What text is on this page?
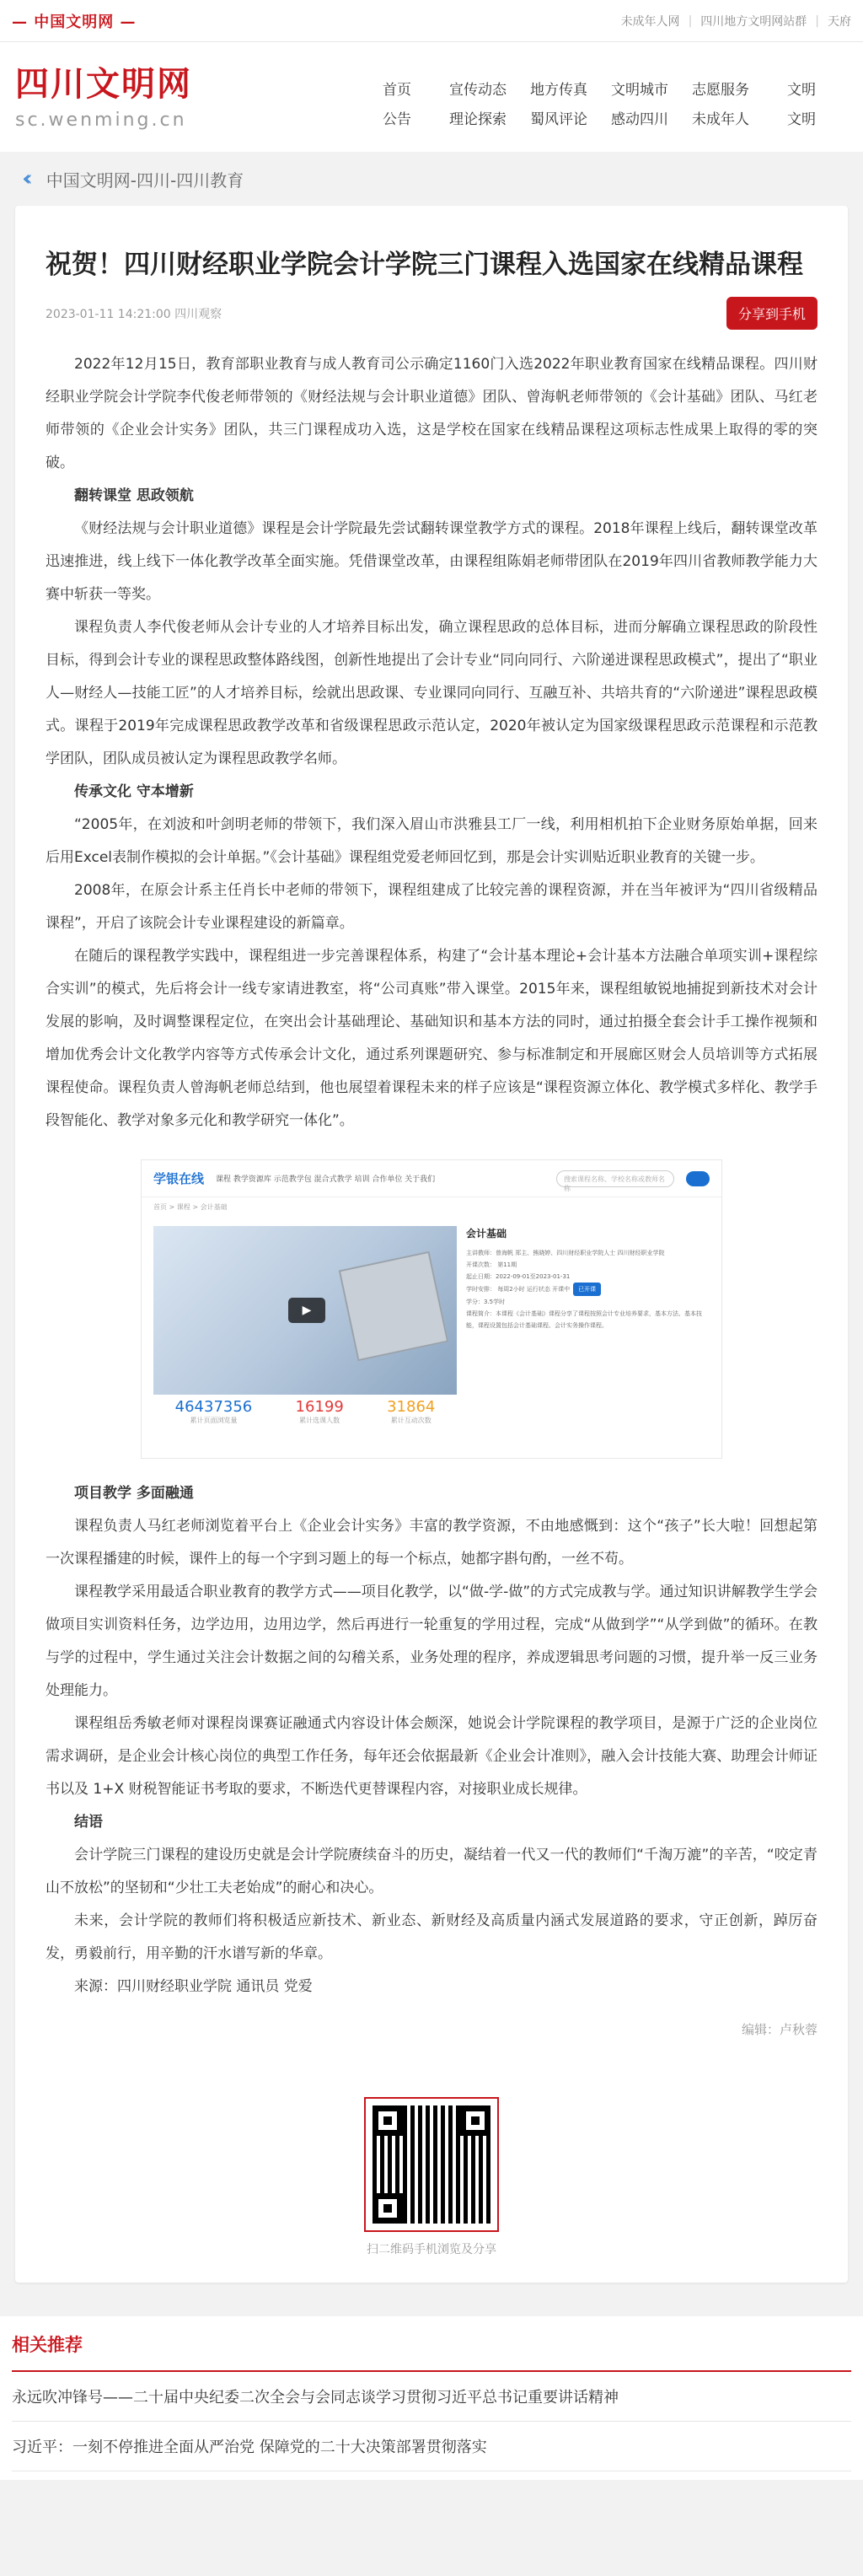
— 中国文明网 —	未成年人网 | 四川地方文明网站群 | 天府
四川文明网
sc.wenming.cn
首页	宣传动态	地方传真	文明城市	志愿服务	文明
公告	理论探索	蜀风评论	感动四川	未成年人	文明
‹‹ 中国文明网-四川-四川教育
祝贺！四川财经职业学院会计学院三门课程入选国家在线精品课程
2023-01-11 14:21:00 四川观察	分享到手机

2022年12月15日，教育部职业教育与成人教育司公示确定1160门入选2022年职业教育国家在线精品课程。四川财经职业学院会计学院李代俊老师带领的《财经法规与会计职业道德》团队、曾海帆老师带领的《会计基础》团队、马红老师带领的《企业会计实务》团队，共三门课程成功入选，这是学校在国家在线精品课程这项标志性成果上取得的零的突破。

翻转课堂 思政领航

《财经法规与会计职业道德》课程是会计学院最先尝试翻转课堂教学方式的课程。2018年课程上线后，翻转课堂改革迅速推进，线上线下一体化教学改革全面实施。凭借课堂改革，由课程组陈娟老师带团队在2019年四川省教师教学能力大赛中斩获一等奖。

课程负责人李代俊老师从会计专业的人才培养目标出发，确立课程思政的总体目标，进而分解确立课程思政的阶段性目标，得到会计专业的课程思政整体路线图，创新性地提出了会计专业“同向同行、六阶递进课程思政模式”，提出了“职业人—财经人—技能工匠”的人才培养目标，绘就出思政课、专业课同向同行、互融互补、共培共育的“六阶递进”课程思政模式。课程于2019年完成课程思政教学改革和省级课程思政示范认定，2020年被认定为国家级课程思政示范课程和示范教学团队，团队成员被认定为课程思政教学名师。

传承文化 守本增新

“2005年，在刘波和叶剑明老师的带领下，我们深入眉山市洪雅县工厂一线，利用相机拍下企业财务原始单据，回来后用Excel表制作模拟的会计单据。”《会计基础》课程组党爱老师回忆到，那是会计实训贴近职业教育的关键一步。

2008年，在原会计系主任肖长中老师的带领下，课程组建成了比较完善的课程资源，并在当年被评为“四川省级精品课程”，开启了该院会计专业课程建设的新篇章。

在随后的课程教学实践中，课程组进一步完善课程体系，构建了“会计基本理论+会计基本方法融合单项实训+课程综合实训”的模式，先后将会计一线专家请进教室，将“公司真账”带入课堂。2015年来，课程组敏锐地捕捉到新技术对会计发展的影响，及时调整课程定位，在突出会计基础理论、基础知识和基本方法的同时，通过拍摄全套会计手工操作视频和增加优秀会计文化教学内容等方式传承会计文化，通过系列课题研究、参与标准制定和开展廊区财会人员培训等方式拓展课程使命。课程负责人曾海帆老师总结到，他也展望着课程未来的样子应该是“课程资源立体化、教学模式多样化、教学手段智能化、教学对象多元化和教学研究一体化”。

学银在线 课程 教学资源库 示范教学包 混合式教学 培训 合作单位 关于我们	搜索课程名称、学校名称或教师名称
首页 > 课程 > 会计基础
▶
46437356
累计页面浏览量
16199
累计选课人数
31864
累计互动次数
会计基础
主讲教师：曾海帆 郑主、熊晓婷、四川财经职业学院人士 四川财经职业学院
开课次数： 第11期
起止日期：2022-09-01至2023-01-31
学时安排： 每周2小时 运行状态 开课中 已开课
学分：3.5学时
课程简介：本课程《会计基础》课程分享了课程按照会计专业培养要求，基本方法、基本技能，课程设置包括会计基础课程、会计实务操作课程。

项目教学 多面融通

课程负责人马红老师浏览着平台上《企业会计实务》丰富的教学资源，不由地感慨到：这个“孩子”长大啦！回想起第一次课程播建的时候，课件上的每一个字到习题上的每一个标点，她都字斟句酌，一丝不苟。

课程教学采用最适合职业教育的教学方式——项目化教学，以“做-学-做”的方式完成教与学。通过知识讲解教学生学会做项目实训资料任务，边学边用，边用边学，然后再进行一轮重复的学用过程，完成“从做到学”“从学到做”的循环。在教与学的过程中，学生通过关注会计数据之间的勾稽关系，业务处理的程序，养成逻辑思考问题的习惯，提升举一反三业务处理能力。

课程组岳秀敏老师对课程岗课赛证融通式内容设计体会颇深，她说会计学院课程的教学项目，是源于广泛的企业岗位需求调研，是企业会计核心岗位的典型工作任务，每年还会依据最新《企业会计准则》，融入会计技能大赛、助理会计师证书以及 1+X 财税智能证书考取的要求，不断迭代更替课程内容，对接职业成长规律。

结语

会计学院三门课程的建设历史就是会计学院赓续奋斗的历史，凝结着一代又一代的教师们“千淘万漉”的辛苦，“咬定青山不放松”的坚韧和“少壮工夫老始成”的耐心和决心。

未来，会计学院的教师们将积极适应新技术、新业态、新财经及高质量内涵式发展道路的要求，守正创新，踔厉奋发，勇毅前行，用辛勤的汗水谱写新的华章。

来源：四川财经职业学院 通讯员 党爱

编辑：卢秋蓉
扫二维码手机浏览及分享
相关推荐
永远吹冲锋号——二十届中央纪委二次全会与会同志谈学习贯彻习近平总书记重要讲话精神
习近平：一刻不停推进全面从严治党 保障党的二十大决策部署贯彻落实
